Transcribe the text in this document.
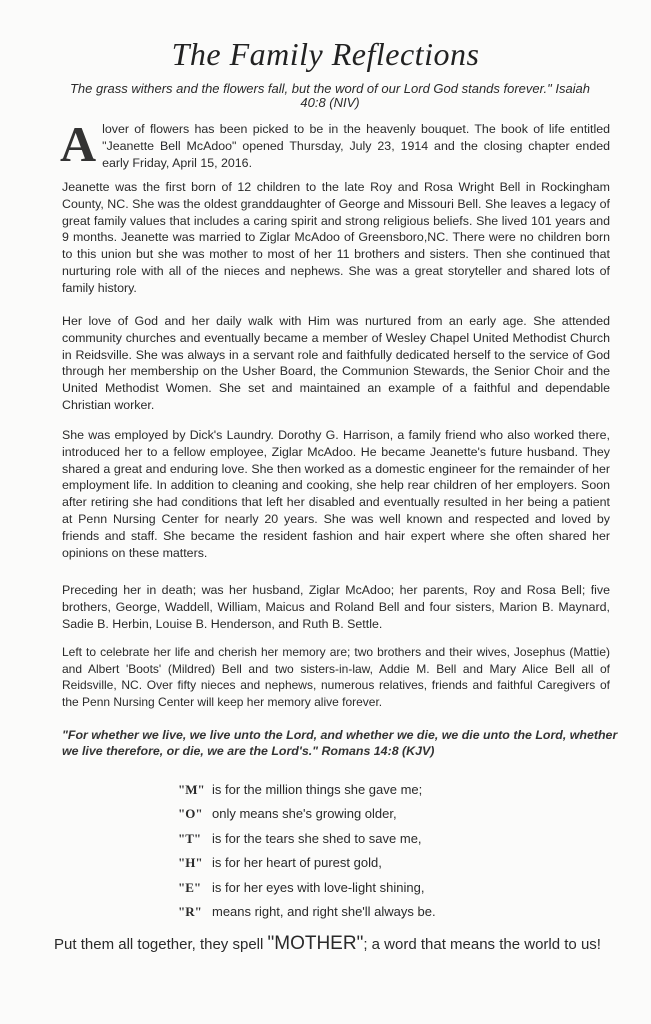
The Family Reflections
The grass withers and the flowers fall, but the word of our Lord God stands forever." Isaiah 40:8 (NIV)

Alover of flowers has been picked to be in the heavenly bouquet. The book of life entitled "Jeanette Bell McAdoo" opened Thursday, July 23, 1914 and the closing chapter ended early Friday, April 15, 2016.

Jeanette was the first born of 12 children to the late Roy and Rosa Wright Bell in Rockingham County, NC. She was the oldest granddaughter of George and Missouri Bell. She leaves a legacy of great family values that includes a caring spirit and strong religious beliefs. She lived 101 years and 9 months. Jeanette was married to Ziglar McAdoo of Greensboro,NC. There were no children born to this union but she was mother to most of her 11 brothers and sisters. Then she continued that nurturing role with all of the nieces and nephews. She was a great storyteller and shared lots of family history.

Her love of God and her daily walk with Him was nurtured from an early age. She attended community churches and eventually became a member of Wesley Chapel United Methodist Church in Reidsville. She was always in a servant role and faithfully dedicated herself to the service of God through her membership on the Usher Board, the Communion Stewards, the Senior Choir and the United Methodist Women. She set and maintained an example of a faithful and dependable Christian worker.

She was employed by Dick's Laundry. Dorothy G. Harrison, a family friend who also worked there, introduced her to a fellow employee, Ziglar McAdoo. He became Jeanette's future husband. They shared a great and enduring love. She then worked as a domestic engineer for the remainder of her employment life. In addition to cleaning and cooking, she help rear children of her employers. Soon after retiring she had conditions that left her disabled and eventually resulted in her being a patient at Penn Nursing Center for nearly 20 years. She was well known and respected and loved by friends and staff. She became the resident fashion and hair expert where she often shared her opinions on these matters.

Preceding her in death; was her husband, Ziglar McAdoo; her parents, Roy and Rosa Bell; five brothers, George, Waddell, William, Maicus and Roland Bell and four sisters, Marion B. Maynard, Sadie B. Herbin, Louise B. Henderson, and Ruth B. Settle.

Left to celebrate her life and cherish her memory are; two brothers and their wives, Josephus (Mattie) and Albert 'Boots' (Mildred) Bell and two sisters-in-law, Addie M. Bell and Mary Alice Bell all of Reidsville, NC. Over fifty nieces and nephews, numerous relatives, friends and faithful Caregivers of the Penn Nursing Center will keep her memory alive forever.

"For whether we live, we live unto the Lord, and whether we die, we die unto the Lord, whether we live therefore, or die, we are the Lord's." Romans 14:8 (KJV)
"M" is for the million things she gave me;
"O" only means she's growing older,
"T" is for the tears she shed to save me,
"H" is for her heart of purest gold,
"E" is for her eyes with love-light shining,
"R" means right, and right she'll always be.
Put them all together, they spell "MOTHER"; a word that means the world to us!
